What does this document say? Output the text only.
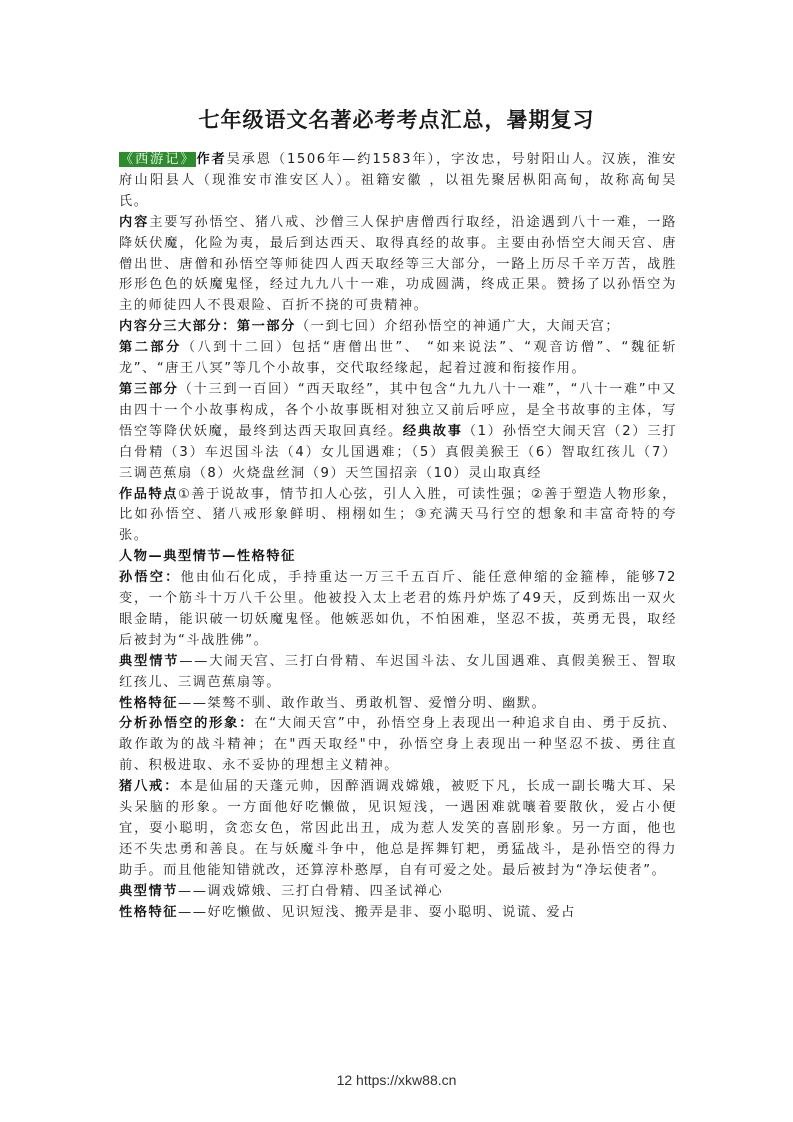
七年级语文名著必考考点汇总，暑期复习

《西游记》作者吴承恩（1506年—约1583年），字汝忠，号射阳山人。汉族，淮安府山阳县人（现淮安市淮安区人）。祖籍安徽 ，以祖先聚居枞阳高甸，故称高甸吴氏。

内容主要写孙悟空、猪八戒、沙僧三人保护唐僧西行取经，沿途遇到八十一难，一路降妖伏魔，化险为夷，最后到达西天、取得真经的故事。主要由孙悟空大闹天宫、唐僧出世、唐僧和孙悟空等师徒四人西天取经等三大部分，一路上历尽千辛万苦，战胜形形色色的妖魔鬼怪，经过九九八十一难，功成圆满，终成正果。赞扬了以孙悟空为主的师徒四人不畏艰险、百折不挠的可贵精神。

内容分三大部分：第一部分（一到七回）介绍孙悟空的神通广大，大闹天宫；

第二部分（八到十二回）包括“唐僧出世”、 “如来说法”、“观音访僧”、“魏征斩龙”、“唐王八冥”等几个小故事，交代取经缘起，起着过渡和衔接作用。

第三部分（十三到一百回）“西天取经”，其中包含“九九八十一难”，“八十一难”中又由四十一个小故事构成，各个小故事既相对独立又前后呼应，是全书故事的主体，写悟空等降伏妖魔，最终到达西天取回真经。经典故事（1）孙悟空大闹天宫（2）三打白骨精（3）车迟国斗法（4）女儿国遇难；（5）真假美猴王（6）智取红孩儿（7）三调芭蕉扇（8）火烧盘丝洞（9）天竺国招亲（10）灵山取真经

作品特点①善于说故事，情节扣人心弦，引人入胜，可读性强；②善于塑造人物形象，比如孙悟空、猪八戒形象鲜明、栩栩如生；③充满天马行空的想象和丰富奇特的夸张。

人物—典型情节—性格特征

孙悟空：他由仙石化成，手持重达一万三千五百斤、能任意伸缩的金箍棒，能够72变，一个筋斗十万八千公里。他被投入太上老君的炼丹炉炼了49天，反到炼出一双火眼金睛，能识破一切妖魔鬼怪。他嫉恶如仇，不怕困难，坚忍不拔，英勇无畏，取经后被封为“斗战胜佛”。

典型情节——大闹天宫、三打白骨精、车迟国斗法、女儿国遇难、真假美猴王、智取红孩儿、三调芭蕉扇等。

性格特征——桀骜不驯、敢作敢当、勇敢机智、爱憎分明、幽默。

分析孙悟空的形象：在“大闹天宫”中，孙悟空身上表现出一种追求自由、勇于反抗、敢作敢为的战斗精神；在"西天取经"中，孙悟空身上表现出一种坚忍不拔、勇往直前、积极进取、永不妥协的理想主义精神。

猪八戒：本是仙届的天蓬元帅，因醉酒调戏嫦娥，被贬下凡，长成一副长嘴大耳、呆头呆脑的形象。一方面他好吃懒做，见识短浅，一遇困难就嚷着要散伙，爱占小便宜，耍小聪明，贪恋女色，常因此出丑，成为惹人发笑的喜剧形象。另一方面，他也还不失忠勇和善良。在与妖魔斗争中，他总是挥舞钉耙，勇猛战斗，是孙悟空的得力助手。而且他能知错就改，还算淳朴憨厚，自有可爱之处。最后被封为“净坛使者”。

典型情节——调戏嫦娥、三打白骨精、四圣试禅心

性格特征——好吃懒做、见识短浅、搬弄是非、耍小聪明、说谎、爱占

12 https://xkw88.cn
